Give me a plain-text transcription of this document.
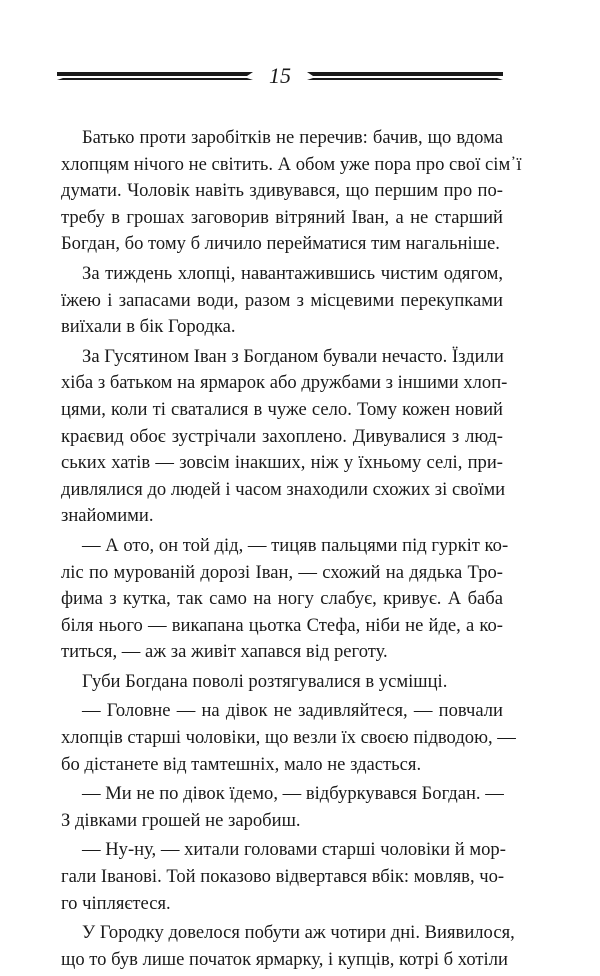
15
Батько проти заробітків не перечив: бачив, що вдома
хлопцям нічого не світить. А обом уже пора про свої сім᾿ї
думати. Чоловік навіть здивувався, що першим про по-
требу в грошах заговорив вітряний Іван, а не старший
Богдан, бо тому б личило перейматися тим нагальніше.
За тиждень хлопці, навантажившись чистим одягом,
їжею і запасами води, разом з місцевими перекупками
виїхали в бік Городка.
За Гусятином Іван з Богданом бували нечасто. Їздили
хіба з батьком на ярмарок або дружбами з іншими хлоп-
цями, коли ті сваталися в чуже село. Тому кожен новий
краєвид обоє зустрічали захоплено. Дивувалися з люд-
ських хатів — зовсім інакших, ніж у їхньому селі, при-
дивлялися до людей і часом знаходили схожих зі своїми
знайомими.
— А ото, он той дід, — тицяв пальцями під гуркіт ко-
ліс по мурованій дорозі Іван, — схожий на дядька Тро-
фима з кутка, так само на ногу слабує, кривує. А баба
біля нього — викапана цьотка Стефа, ніби не йде, а ко-
титься, — аж за живіт хапався від реготу.
Губи Богдана поволі розтягувалися в усмішці.
— Головне — на дівок не задивляйтеся, — повчали
хлопців старші чоловіки, що везли їх своєю підводою, —
бо дістанете від тамтешніх, мало не здасться.
— Ми не по дівок їдемо, — відбуркувався Богдан. —
З дівками грошей не заробиш.
— Ну-ну, — хитали головами старші чоловіки й мор-
гали Іванові. Той показово відвертався вбік: мовляв, чо-
го чіпляєтеся.
У Городку довелося побути аж чотири дні. Виявилося,
що то був лише початок ярмарку, і купців, котрі б хотіли
